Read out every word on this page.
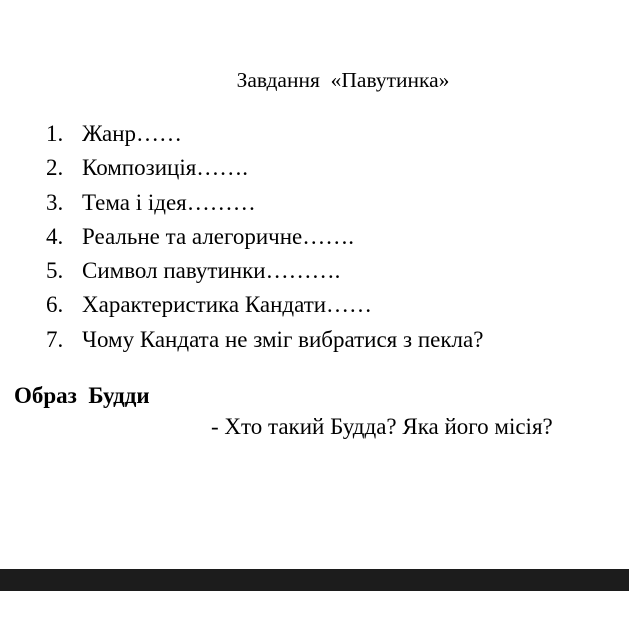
Завдання  «Павутинка»
1. Жанр……
2. Композиція…….
3. Тема і ідея………
4. Реальне та алегоричне…….
5. Символ павутинки……….
6. Характеристика Кандати……
7. Чому Кандата не зміг вибратися з пекла?
Образ  Будди
- Хто такий Будда? Яка його місія?
